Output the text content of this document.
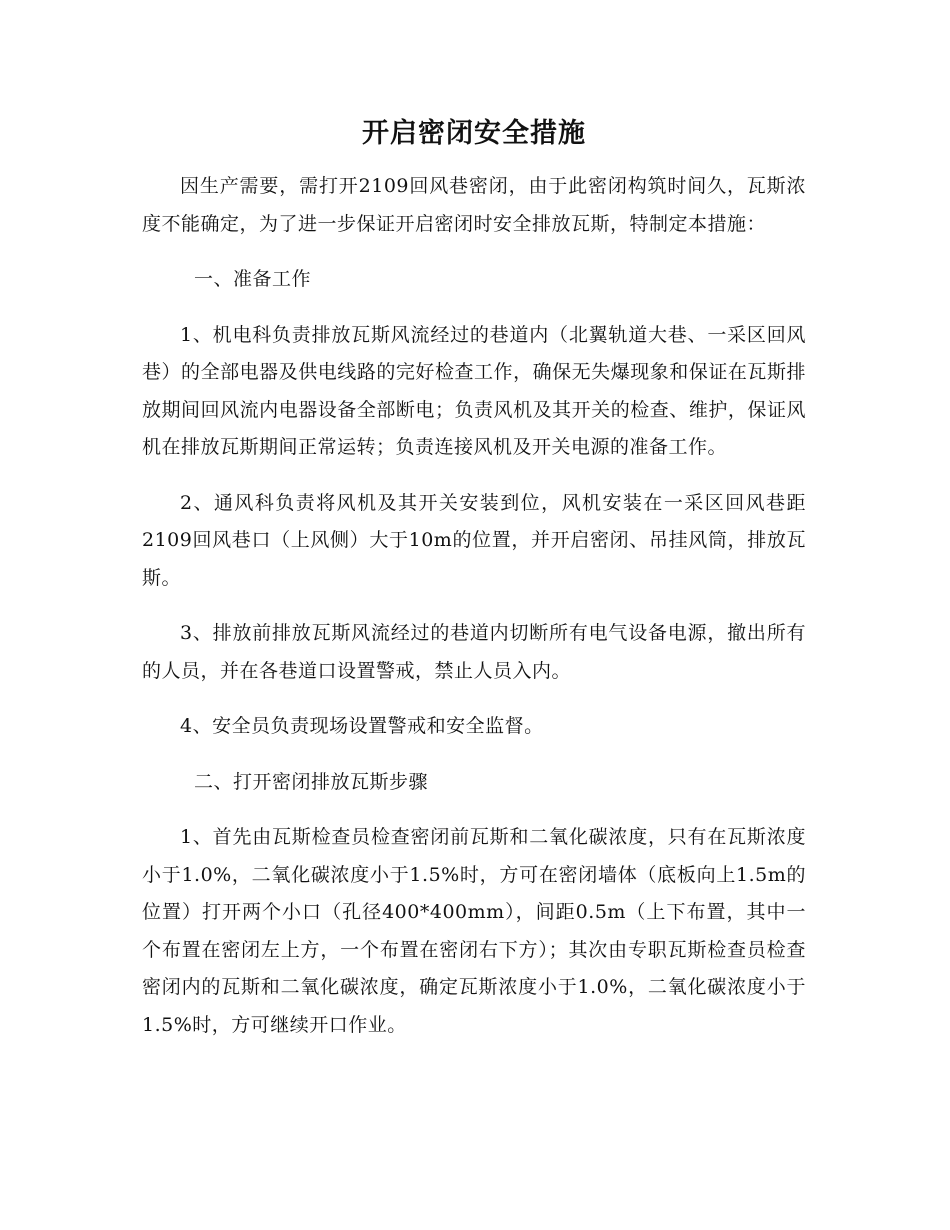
开启密闭安全措施

因生产需要，需打开2109回风巷密闭，由于此密闭构筑时间久，瓦斯浓度不能确定，为了进一步保证开启密闭时安全排放瓦斯，特制定本措施：

一、准备工作

1、机电科负责排放瓦斯风流经过的巷道内（北翼轨道大巷、一采区回风巷）的全部电器及供电线路的完好检查工作，确保无失爆现象和保证在瓦斯排放期间回风流内电器设备全部断电；负责风机及其开关的检查、维护，保证风机在排放瓦斯期间正常运转；负责连接风机及开关电源的准备工作。

2、通风科负责将风机及其开关安装到位，风机安装在一采区回风巷距2109回风巷口（上风侧）大于10m的位置，并开启密闭、吊挂风筒，排放瓦斯。

3、排放前排放瓦斯风流经过的巷道内切断所有电气设备电源，撤出所有的人员，并在各巷道口设置警戒，禁止人员入内。

4、安全员负责现场设置警戒和安全监督。

二、打开密闭排放瓦斯步骤

1、首先由瓦斯检查员检查密闭前瓦斯和二氧化碳浓度，只有在瓦斯浓度小于1.0%，二氧化碳浓度小于1.5%时，方可在密闭墙体（底板向上1.5m的位置）打开两个小口（孔径400*400mm），间距0.5m（上下布置，其中一个布置在密闭左上方，一个布置在密闭右下方）；其次由专职瓦斯检查员检查密闭内的瓦斯和二氧化碳浓度，确定瓦斯浓度小于1.0%，二氧化碳浓度小于1.5%时，方可继续开口作业。
